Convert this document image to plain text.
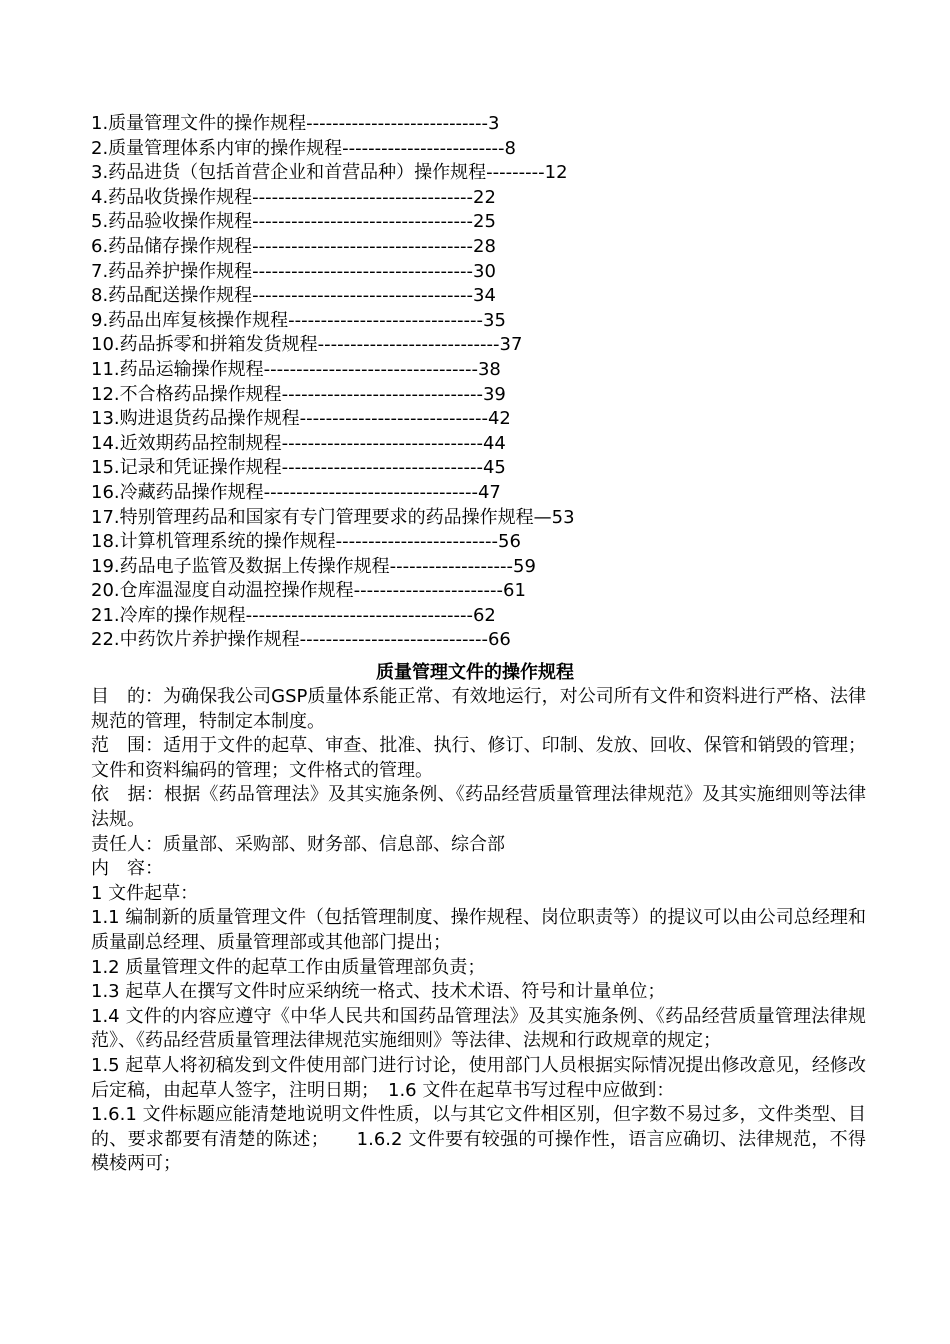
1.质量管理文件的操作规程----------------------------3
2.质量管理体系内审的操作规程-------------------------8
3.药品进货（包括首营企业和首营品种）操作规程---------12
4.药品收货操作规程----------------------------------22
5.药品验收操作规程----------------------------------25
6.药品储存操作规程----------------------------------28
7.药品养护操作规程----------------------------------30
8.药品配送操作规程----------------------------------34
9.药品出库复核操作规程------------------------------35
10.药品拆零和拼箱发货规程----------------------------37
11.药品运输操作规程---------------------------------38
12.不合格药品操作规程-------------------------------39
13.购进退货药品操作规程-----------------------------42
14.近效期药品控制规程-------------------------------44
15.记录和凭证操作规程-------------------------------45
16.冷藏药品操作规程---------------------------------47
17.特别管理药品和国家有专门管理要求的药品操作规程—53
18.计算机管理系统的操作规程-------------------------56
19.药品电子监管及数据上传操作规程-------------------59
20.仓库温湿度自动温控操作规程-----------------------61
21.冷库的操作规程-----------------------------------62
22.中药饮片养护操作规程-----------------------------66
质量管理文件的操作规程

目　的：为确保我公司GSP质量体系能正常、有效地运行，对公司所有文件和资料进行严格、法律规范的管理，特制定本制度。

范　围：适用于文件的起草、审查、批准、执行、修订、印制、发放、回收、保管和销毁的管理；文件和资料编码的管理；文件格式的管理。

依　据：根据《药品管理法》及其实施条例、《药品经营质量管理法律规范》及其实施细则等法律法规。

责任人：质量部、采购部、财务部、信息部、综合部

内　容：

1 文件起草：

1.1 编制新的质量管理文件（包括管理制度、操作规程、岗位职责等）的提议可以由公司总经理和质量副总经理、质量管理部或其他部门提出；

1.2 质量管理文件的起草工作由质量管理部负责；

1.3 起草人在撰写文件时应采纳统一格式、技术术语、符号和计量单位；

1.4 文件的内容应遵守《中华人民共和国药品管理法》及其实施条例、《药品经营质量管理法律规范》、《药品经营质量管理法律规范实施细则》等法律、法规和行政规章的规定；

1.5 起草人将初稿发到文件使用部门进行讨论，使用部门人员根据实际情况提出修改意见，经修改后定稿，由起草人签字，注明日期；　1.6 文件在起草书写过程中应做到：

1.6.1 文件标题应能清楚地说明文件性质，以与其它文件相区别，但字数不易过多，文件类型、目的、要求都要有清楚的陈述；　　1.6.2 文件要有较强的可操作性，语言应确切、法律规范，不得模棱两可；
